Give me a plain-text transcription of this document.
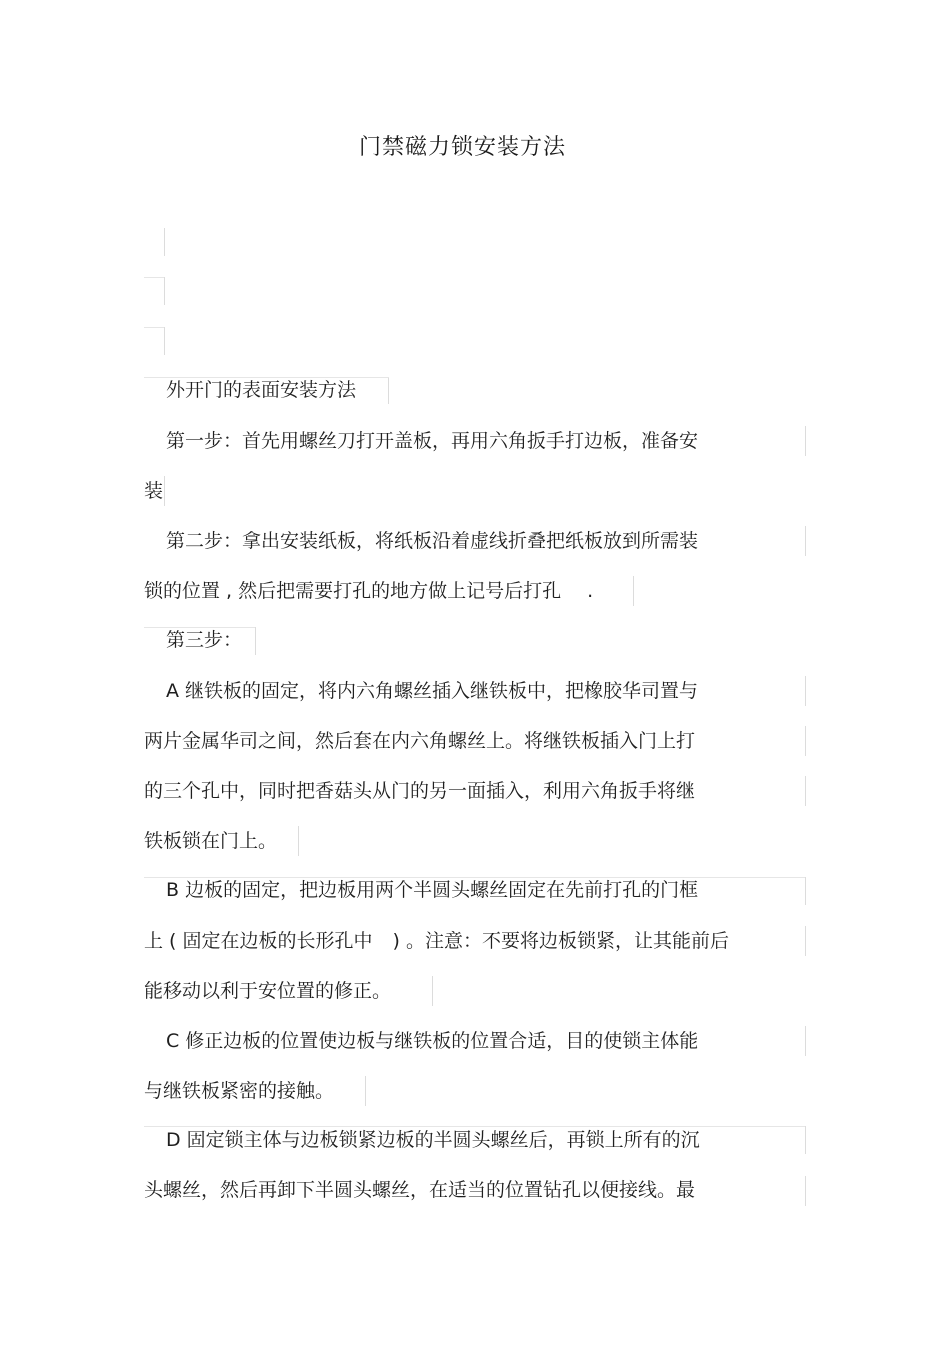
门禁磁力锁安装方法
外开门的表面安装方法
第一步：首先用螺丝刀打开盖板，再用六角扳手打边板，准备安
装
第二步：拿出安装纸板，将纸板沿着虚线折叠把纸板放到所需装
锁的位置 , 然后把需要打孔的地方做上记号后打孔 .
第三步：
A 继铁板的固定，将内六角螺丝插入继铁板中，把橡胶华司置与
两片金属华司之间，然后套在内六角螺丝上。将继铁板插入门上打
的三个孔中，同时把香菇头从门的另一面插入，利用六角扳手将继
铁板锁在门上。
B 边板的固定，把边板用两个半圆头螺丝固定在先前打孔的门框
上 ( 固定在边板的长形孔中 ) 。注意：不要将边板锁紧，让其能前后
能移动以利于安位置的修正。
C 修正边板的位置使边板与继铁板的位置合适，目的使锁主体能
与继铁板紧密的接触。
D 固定锁主体与边板锁紧边板的半圆头螺丝后，再锁上所有的沉
头螺丝，然后再卸下半圆头螺丝，在适当的位置钻孔以便接线。最
